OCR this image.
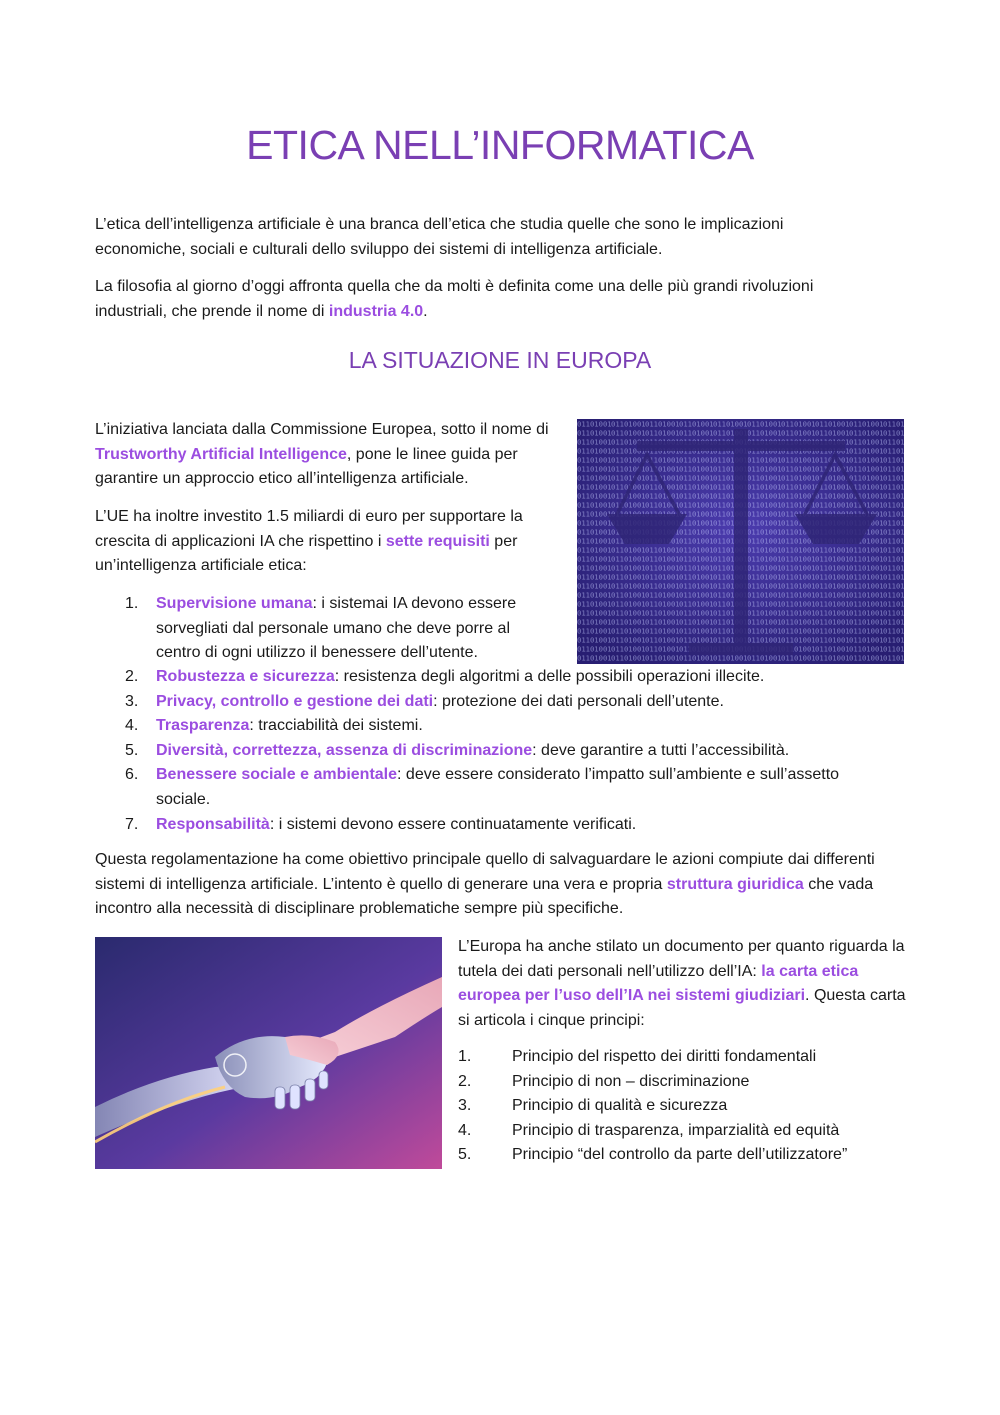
ETICA NELL’INFORMATICA

L’etica dell’intelligenza artificiale è una branca dell’etica che studia quelle che sono le implicazioni economiche, sociali e culturali dello sviluppo dei sistemi di intelligenza artificiale.

La filosofia al giorno d’oggi affronta quella che da molti è definita come una delle più grandi rivoluzioni industriali, che prende il nome di industria 4.0.

LA SITUAZIONE IN EUROPA

L’iniziativa lanciata dalla Commissione Europea, sotto il nome di Trustworthy Artificial Intelligence, pone le linee guida per garantire un approccio etico all’intelligenza artificiale.

L’UE ha inoltre investito 1.5 miliardi di euro per supportare la crescita di applicazioni IA che rispettino i sette requisiti per un’intelligenza artificiale etica:

1. Supervisione umana: i sistemai IA devono essere sorvegliati dal personale umano che deve porre al centro di ogni utilizzo il benessere dell’utente.
2. Robustezza e sicurezza: resistenza degli algoritmi a delle possibili operazioni illecite.
3. Privacy, controllo e gestione dei dati: protezione dei dati personali dell’utente.
4. Trasparenza: tracciabilità dei sistemi.
5. Diversità, correttezza, assenza di discriminazione: deve garantire a tutti l’accessibilità.
6. Benessere sociale e ambientale: deve essere considerato l’impatto sull’ambiente e sull’assetto sociale.
7. Responsabilità: i sistemi devono essere continuatamente verificati.

Questa regolamentazione ha come obiettivo principale quello di salvaguardare le azioni compiute dai differenti sistemi di intelligenza artificiale. L’intento è quello di generare una vera e propria struttura giuridica che vada incontro alla necessità di disciplinare problematiche sempre più specifiche.

L’Europa ha anche stilato un documento per quanto riguarda la tutela dei dati personali nell’utilizzo dell’IA: la carta etica europea per l’uso dell’IA nei sistemi giudiziari. Questa carta si articola i cinque principi:

1.	Principio del rispetto dei diritti fondamentali
2.	Principio di non – discriminazione
3.	Principio di qualità e sicurezza
4.	Principio di trasparenza, imparzialità ed equità
5.	Principio “del controllo da parte dell’utilizzatore”
